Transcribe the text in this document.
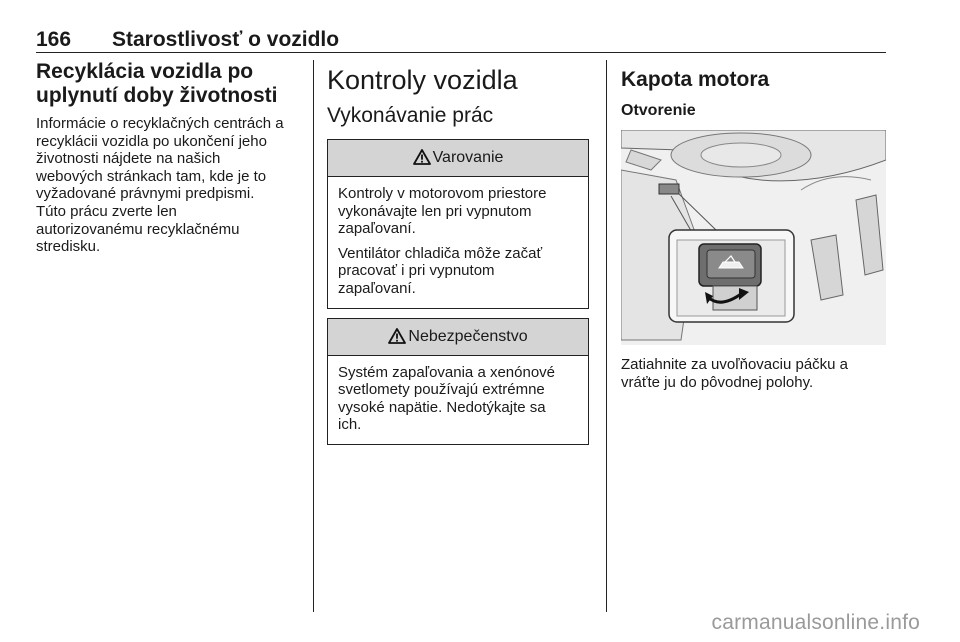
166 Starostlivosť o vozidlo
Recyklácia vozidla po uplynutí doby životnosti
Informácie o recyklačných centrách a
recyklácii vozidla po ukončení jeho
životnosti nájdete na našich
webových stránkach tam, kde je to
vyžadované právnymi predpismi.
Túto prácu zverte len
autorizovanému recyklačnému
stredisku.
Kontroly vozidla
Vykonávanie prác
Varovanie

Kontroly v motorovom priestore

vykonávajte len pri vypnutom

zapaľovaní.

Ventilátor chladiča môže začať

pracovať i pri vypnutom

zapaľovaní.

Nebezpečenstvo

Systém zapaľovania a xenónové

svetlomety používajú extrémne

vysoké napätie. Nedotýkajte sa

ich.

Kapota motora
Otvorenie
Zatiahnite za uvoľňovaciu páčku a
vráťte ju do pôvodnej polohy.
carmanualsonline.info
